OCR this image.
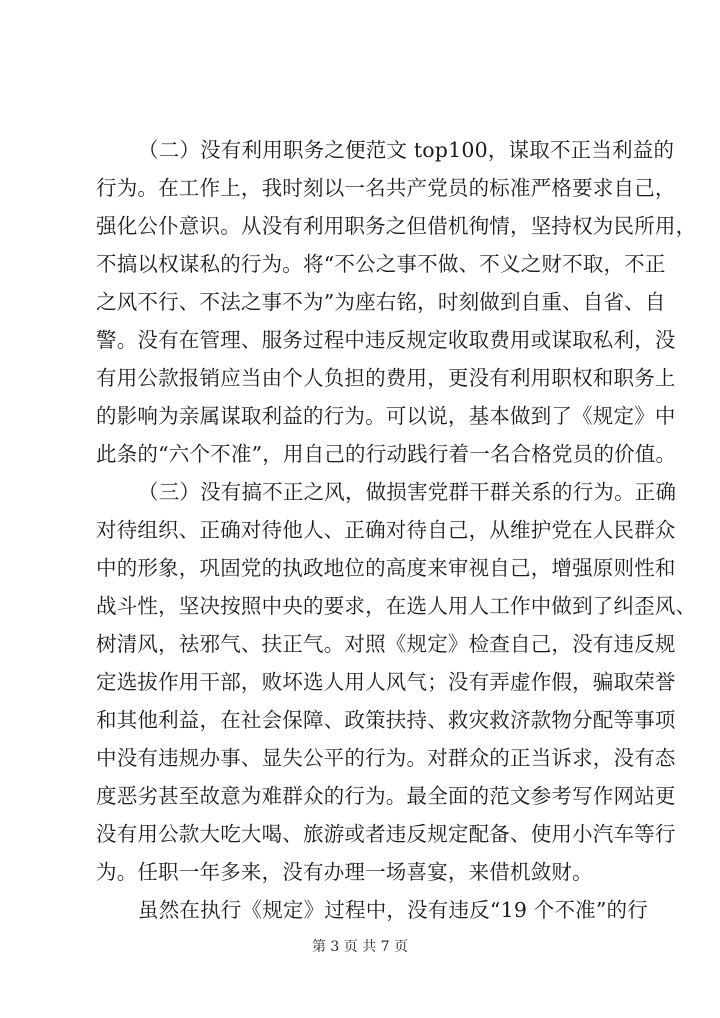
（二）没有利用职务之便范文 top100，谋取不正当利益的
行为。在工作上，我时刻以一名共产党员的标准严格要求自己，
强化公仆意识。从没有利用职务之但借机徇情，坚持权为民所用，
不搞以权谋私的行为。将“不公之事不做、不义之财不取，不正
之风不行、不法之事不为”为座右铭，时刻做到自重、自省、自
警。没有在管理、服务过程中违反规定收取费用或谋取私利，没
有用公款报销应当由个人负担的费用，更没有利用职权和职务上
的影响为亲属谋取利益的行为。可以说，基本做到了《规定》中
此条的“六个不准”，用自己的行动践行着一名合格党员的价值。
（三）没有搞不正之风，做损害党群干群关系的行为。正确
对待组织、正确对待他人、正确对待自己，从维护党在人民群众
中的形象，巩固党的执政地位的高度来审视自己，增强原则性和
战斗性，坚决按照中央的要求，在选人用人工作中做到了纠歪风、
树清风，祛邪气、扶正气。对照《规定》检查自己，没有违反规
定选拔作用干部，败坏选人用人风气；没有弄虚作假，骗取荣誉
和其他利益，在社会保障、政策扶持、救灾救济款物分配等事项
中没有违规办事、显失公平的行为。对群众的正当诉求，没有态
度恶劣甚至故意为难群众的行为。最全面的范文参考写作网站更
没有用公款大吃大喝、旅游或者违反规定配备、使用小汽车等行
为。任职一年多来，没有办理一场喜宴，来借机敛财。
虽然在执行《规定》过程中，没有违反“19 个不准”的行
第 3 页 共 7 页
